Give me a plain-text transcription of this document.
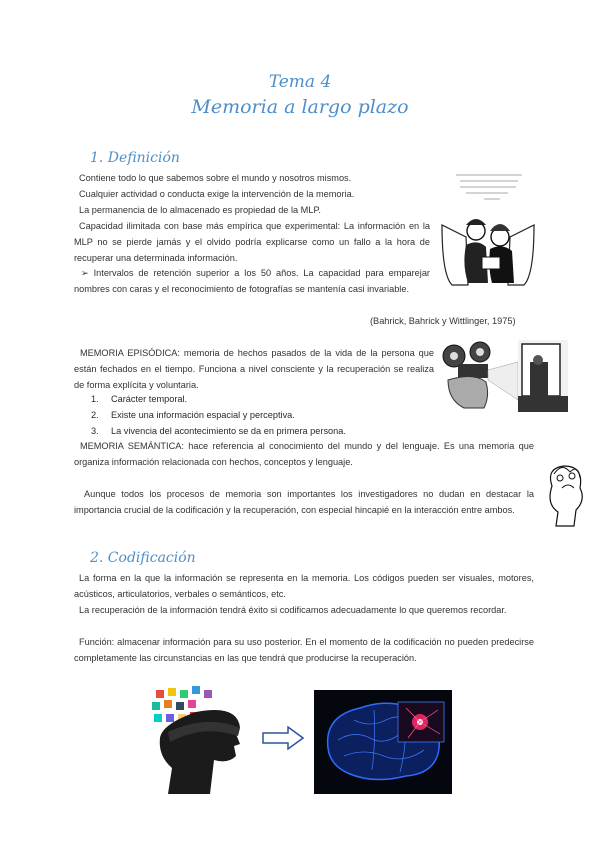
Tema 4
Memoria a largo plazo
1. Definición
Contiene todo lo que sabemos sobre el mundo y nosotros mismos.
Cualquier actividad o conducta exige la intervención de la memoria.
La permanencia de lo almacenado es propiedad de la MLP.
Capacidad ilimitada con base más empírica que experimental: La información en la MLP no se pierde jamás y el olvido podría explicarse como un fallo a la hora de recuperar una determinada información.
➢ Intervalos de retención superior a los 50 años. La capacidad para emparejar nombres con caras y el reconocimiento de fotografías se mantenía casi invariable.
(Bahrick, Bahrick y Wittlinger, 1975)
MEMORIA EPISÓDICA: memoria de hechos pasados de la vida de la persona que están fechados en el tiempo. Funciona a nivel consciente y la recuperación se realiza de forma explícita y voluntaria.
1. Carácter temporal.
2. Existe una información espacial y perceptiva.
3. La vivencia del acontecimiento se da en primera persona.
MEMORIA SEMÁNTICA: hace referencia al conocimiento del mundo y del lenguaje. Es una memoria que organiza información relacionada con hechos, conceptos y lenguaje.
Aunque todos los procesos de memoria son importantes los investigadores no dudan en destacar la importancia crucial de la codificación y la recuperación, con especial hincapié en la interacción entre ambos.
2. Codificación
La forma en la que la información se representa en la memoria. Los códigos pueden ser visuales, motores, acústicos, articulatorios, verbales o semánticos, etc.
La recuperación de la información tendrá éxito si codificamos adecuadamente lo que queremos recordar.
Función: almacenar información para su uso posterior. En el momento de la codificación no pueden predecirse completamente las circunstancias en las que tendrá que producirse la recuperación.
